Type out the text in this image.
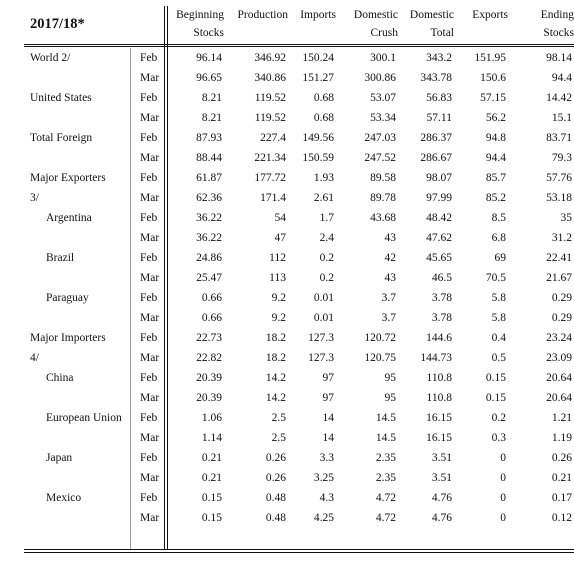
2017/18*		Beginning	Production	Imports	Domestic	Domestic	Exports	Ending
		Stocks			Crush	Total		Stocks

World 2/	Feb	96.14	346.92	150.24	300.1	343.2	151.95	98.14
	Mar	96.65	340.86	151.27	300.86	343.78	150.6	94.4
United States	Feb	8.21	119.52	0.68	53.07	56.83	57.15	14.42
	Mar	8.21	119.52	0.68	53.34	57.11	56.2	15.1
Total Foreign	Feb	87.93	227.4	149.56	247.03	286.37	94.8	83.71
	Mar	88.44	221.34	150.59	247.52	286.67	94.4	79.3
Major Exporters	Feb	61.87	177.72	1.93	89.58	98.07	85.7	57.76
3/	Mar	62.36	171.4	2.61	89.78	97.99	85.2	53.18
Argentina	Feb	36.22	54	1.7	43.68	48.42	8.5	35
	Mar	36.22	47	2.4	43	47.62	6.8	31.2
Brazil	Feb	24.86	112	0.2	42	45.65	69	22.41
	Mar	25.47	113	0.2	43	46.5	70.5	21.67
Paraguay	Feb	0.66	9.2	0.01	3.7	3.78	5.8	0.29
	Mar	0.66	9.2	0.01	3.7	3.78	5.8	0.29
Major Importers	Feb	22.73	18.2	127.3	120.72	144.6	0.4	23.24
4/	Mar	22.82	18.2	127.3	120.75	144.73	0.5	23.09
China	Feb	20.39	14.2	97	95	110.8	0.15	20.64
	Mar	20.39	14.2	97	95	110.8	0.15	20.64
European Union	Feb	1.06	2.5	14	14.5	16.15	0.2	1.21
	Mar	1.14	2.5	14	14.5	16.15	0.3	1.19
Japan	Feb	0.21	0.26	3.3	2.35	3.51	0	0.26
	Mar	0.21	0.26	3.25	2.35	3.51	0	0.21
Mexico	Feb	0.15	0.48	4.3	4.72	4.76	0	0.17
	Mar	0.15	0.48	4.25	4.72	4.76	0	0.12
